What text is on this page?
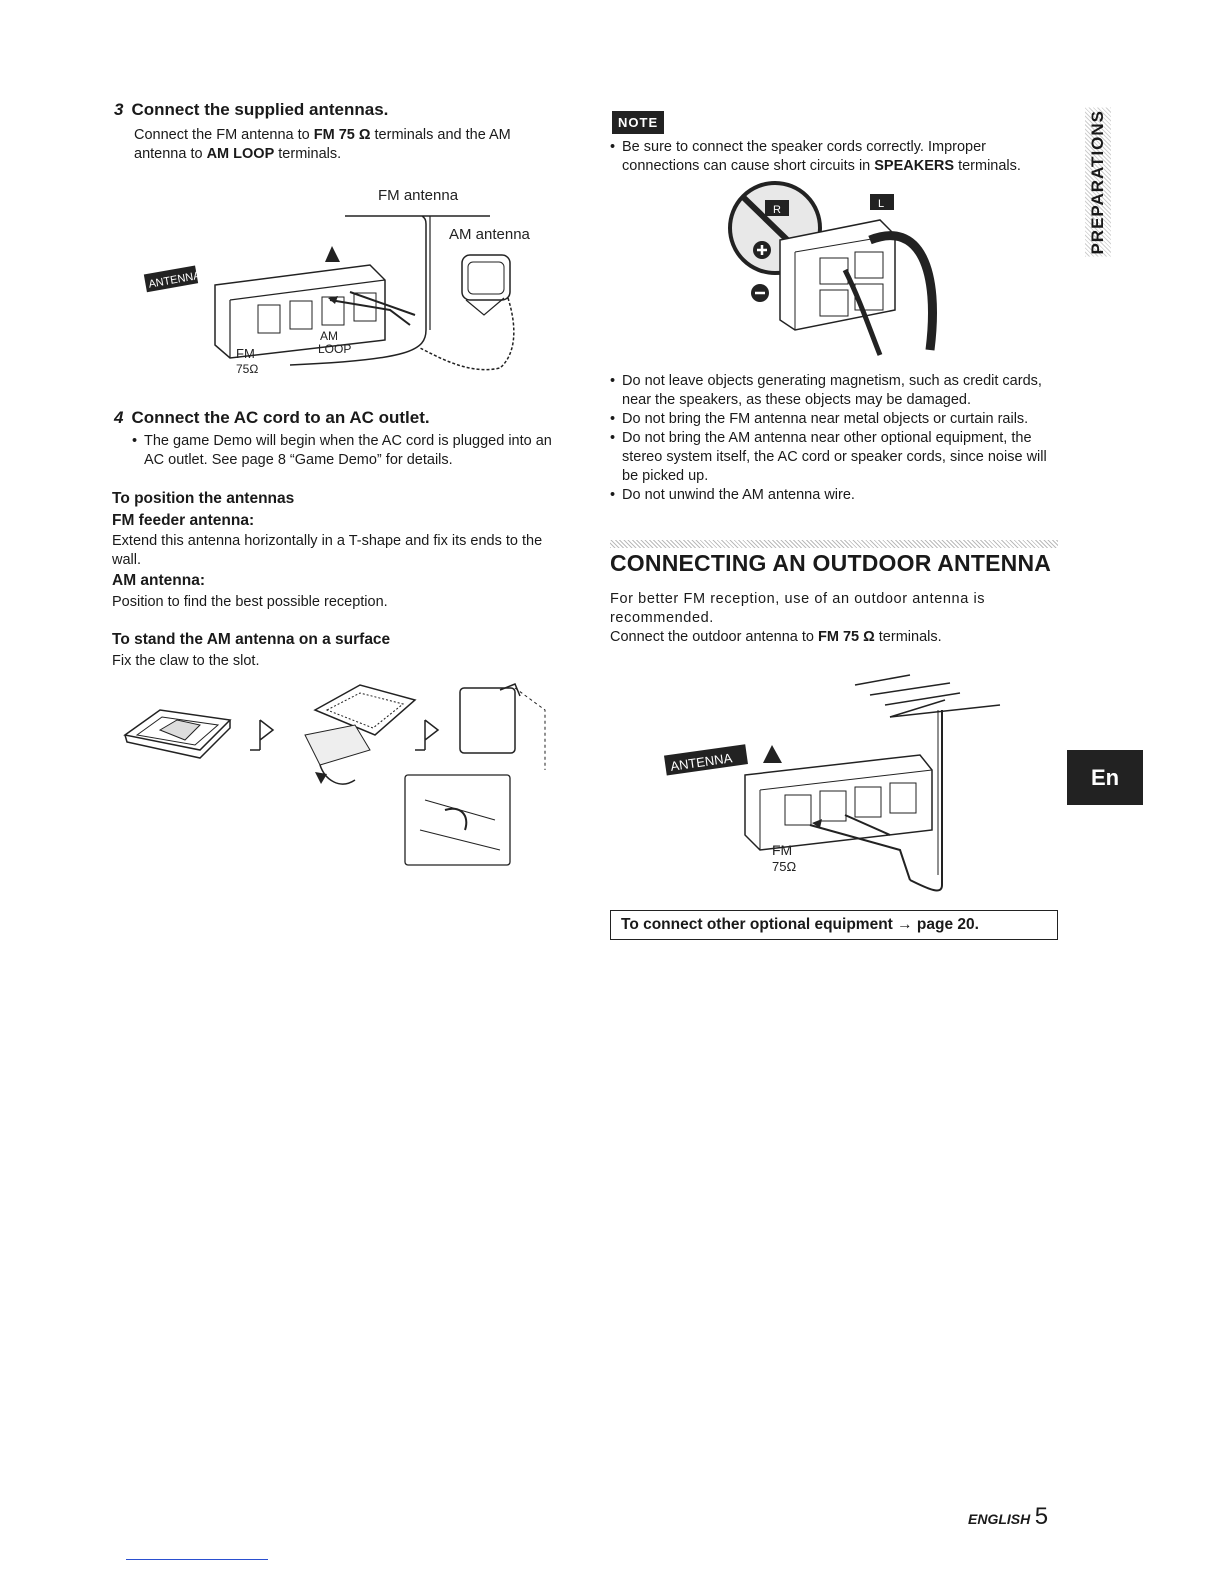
3 Connect the supplied antennas.
Connect the FM antenna to FM 75 Ω terminals and the AM antenna to AM LOOP terminals.
FM antenna
AM antenna
ANTENNA
FM
75Ω
AM
LOOP
4 Connect the AC cord to an AC outlet.
• The game Demo will begin when the AC cord is plugged into an AC outlet. See page 8 “Game Demo” for details.
To position the antennas
FM feeder antenna:
Extend this antenna horizontally in a T-shape and fix its ends to the wall.
AM antenna:
Position to find the best possible reception.
To stand the AM antenna on a surface
Fix the claw to the slot.
NOTE
• Be sure to connect the speaker cords correctly. Improper connections can cause short circuits in SPEAKERS terminals.
R	L
• Do not leave objects generating magnetism, such as credit cards, near the speakers, as these objects may be damaged.
• Do not bring the FM antenna near metal objects or curtain rails.
• Do not bring the AM antenna near other optional equipment, the stereo system itself, the AC cord or speaker cords, since noise will be picked up.
• Do not unwind the AM antenna wire.
CONNECTING AN OUTDOOR ANTENNA
For better FM reception, use of an outdoor antenna is recommended.
Connect the outdoor antenna to FM 75 Ω terminals.
ANTENNA
FM
75Ω
To connect other optional equipment → page 20.
PREPARATIONS
En
ENGLISH 5
